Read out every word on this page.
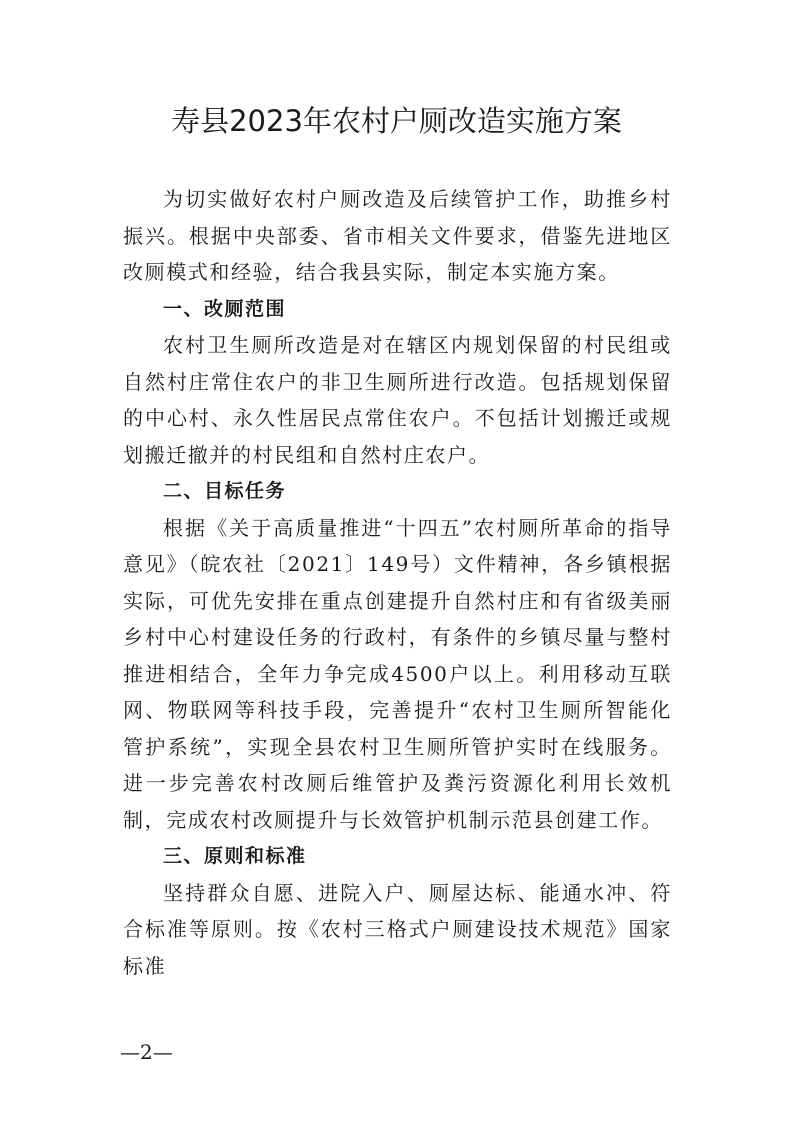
寿县2023年农村户厕改造实施方案

为切实做好农村户厕改造及后续管护工作，助推乡村振兴。根据中央部委、省市相关文件要求，借鉴先进地区改厕模式和经验，结合我县实际，制定本实施方案。

一、改厕范围

农村卫生厕所改造是对在辖区内规划保留的村民组或自然村庄常住农户的非卫生厕所进行改造。包括规划保留的中心村、永久性居民点常住农户。不包括计划搬迁或规划搬迁撤并的村民组和自然村庄农户。

二、目标任务

根据《关于高质量推进“十四五”农村厕所革命的指导意见》（皖农社〔2021〕149号）文件精神，各乡镇根据实际，可优先安排在重点创建提升自然村庄和有省级美丽乡村中心村建设任务的行政村，有条件的乡镇尽量与整村推进相结合，全年力争完成4500户以上。利用移动互联网、物联网等科技手段，完善提升“农村卫生厕所智能化管护系统”，实现全县农村卫生厕所管护实时在线服务。进一步完善农村改厕后维管护及粪污资源化利用长效机制，完成农村改厕提升与长效管护机制示范县创建工作。

三、原则和标准

坚持群众自愿、进院入户、厕屋达标、能通水冲、符合标准等原则。按《农村三格式户厕建设技术规范》国家标准

—2—
